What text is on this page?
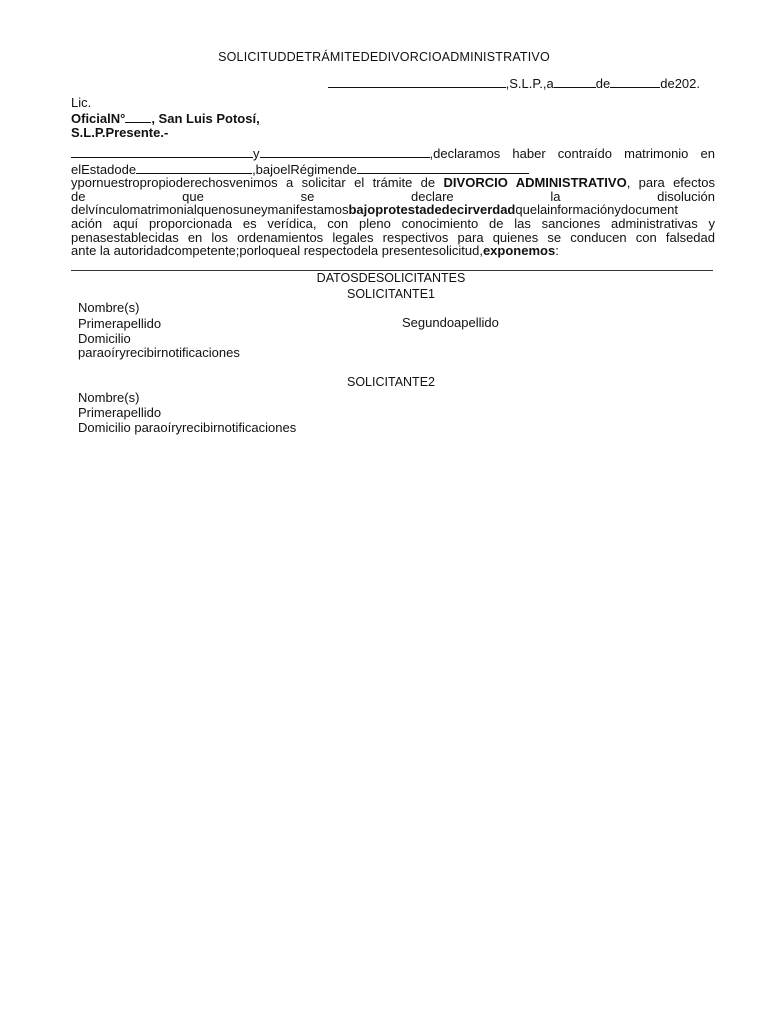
SOLICITUDDETRÁMITEDEDIVORCIOADMINISTRATIVO
,S.L.P.,a	de	de202.
Lic.
OficialN° , San Luis Potosí,
S.L.P.Presente.-
y	,declaramos haber contraído matrimonio en
elEstadode	,bajoelRégimende
ypornuestropropioderechosvenimos a solicitar el trámite de DIVORCIO ADMINISTRATIVO, para efectos
de que se declare la disolución
delvínculomatrimonialquenosuneymanifestamosbajoprotestadedecirverdadquelainformaciónydocument
ación aquí proporcionada es verídica, con pleno conocimiento de las sanciones administrativas y
penasestablecidas en los ordenamientos legales respectivos para quienes se conducen con falsedad
ante la autoridadcompetente;porloqueal respectodela presentesolicitud,exponemos:
DATOSDESOLICITANTES
SOLICITANTE1
Nombre(s)
Primerapellido	Segundoapellido
Domicilio
paraoíryrecibirnotificaciones
SOLICITANTE2
Nombre(s)
Primerapellido
Domicilio paraoíryrecibirnotificaciones
